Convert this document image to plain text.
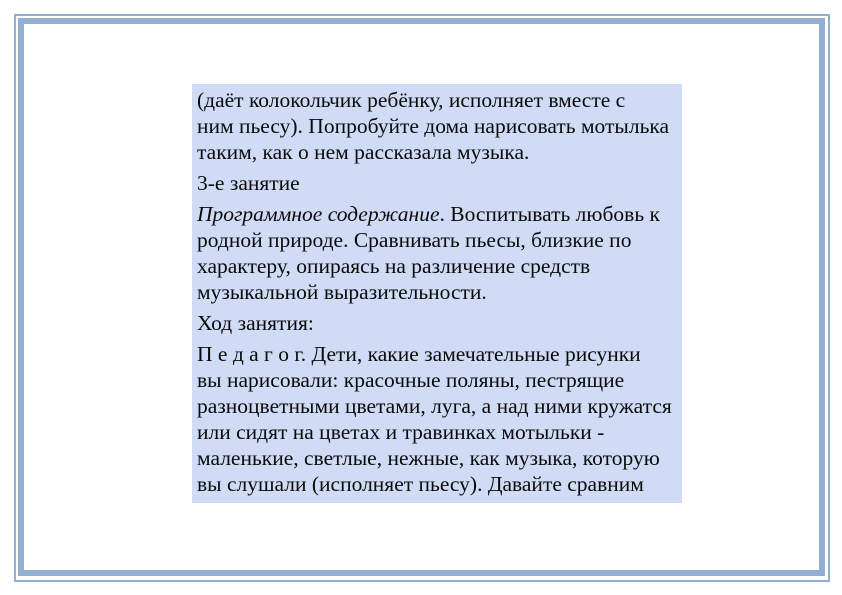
(даёт колокольчик ребёнку, исполняет вместе с
ним пьесу). Попробуйте дома нарисовать мотылька
таким, как о нем рассказала музыка.
3-е занятие
Программное содержание. Воспитывать любовь к
родной природе. Сравнивать пьесы, близкие по
характеру, опираясь на различение средств
музыкальной выразительности.
Ход занятия:
П е д а г о г. Дети, какие замечательные рисунки
вы нарисовали: красочные поляны, пестрящие
разноцветными цветами, луга, а над ними кружатся
или сидят на цветах и травинках мотыльки -
маленькие, светлые, нежные, как музыка, которую
вы слушали (исполняет пьесу). Давайте сравним
